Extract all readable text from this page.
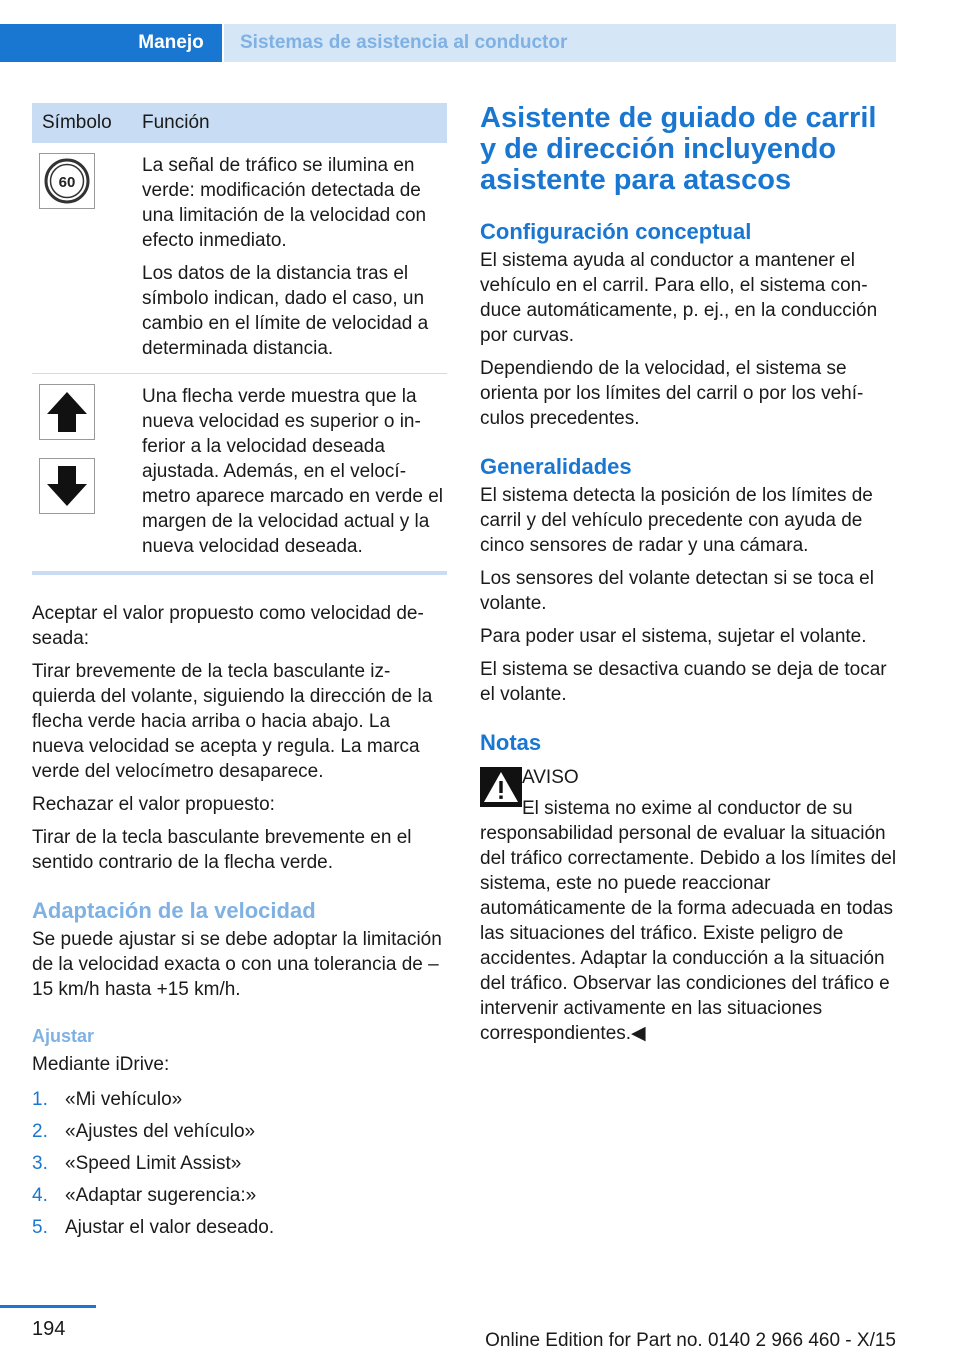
Manejo	Sistemas de asistencia al conductor
Símbolo	Función

60	La señal de tráfico se ilumina en verde: modificación detectada de una limitación de la velocidad con efecto inmediato.

Los datos de la distancia tras el símbolo indican, dado el caso, un cambio en el límite de velocidad a determinada distancia.

Una flecha verde muestra que la nueva velocidad es superior o inferior a la velocidad deseada ajustada. Además, en el velocímetro aparece marcado en verde el margen de la velocidad actual y la nueva velocidad deseada.

Aceptar el valor propuesto como velocidad deseada:

Tirar brevemente de la tecla basculante izquierda del volante, siguiendo la dirección de la flecha verde hacia arriba o hacia abajo. La nueva velocidad se acepta y regula. La marca verde del velocímetro desaparece.

Rechazar el valor propuesto:

Tirar de la tecla basculante brevemente en el sentido contrario de la flecha verde.

Adaptación de la velocidad

Se puede ajustar si se debe adoptar la limitación de la velocidad exacta o con una tolerancia de –15 km/h hasta +15 km/h.

Ajustar

Mediante iDrive:

1. «Mi vehículo»
2. «Ajustes del vehículo»
3. «Speed Limit Assist»
4. «Adaptar sugerencia:»
5. Ajustar el valor deseado.
Asistente de guiado de carril y de dirección incluyendo asistente para atascos
Configuración conceptual

El sistema ayuda al conductor a mantener el vehículo en el carril. Para ello, el sistema conduce automáticamente, p. ej., en la conducción por curvas.

Dependiendo de la velocidad, el sistema se orienta por los límites del carril o por los vehículos precedentes.

Generalidades

El sistema detecta la posición de los límites de carril y del vehículo precedente con ayuda de cinco sensores de radar y una cámara.

Los sensores del volante detectan si se toca el volante.

Para poder usar el sistema, sujetar el volante.

El sistema se desactiva cuando se deja de tocar el volante.

Notas
AVISO
El sistema no exime al conductor de su
responsabilidad personal de evaluar la situación del tráfico correctamente. Debido a los límites del sistema, este no puede reaccionar automáticamente de la forma adecuada en todas las situaciones del tráfico. Existe peligro de accidentes. Adaptar la conducción a la situación del tráfico. Observar las condiciones del tráfico e intervenir activamente en las situaciones correspondientes.◀
194
Online Edition for Part no. 0140 2 966 460 - X/15
